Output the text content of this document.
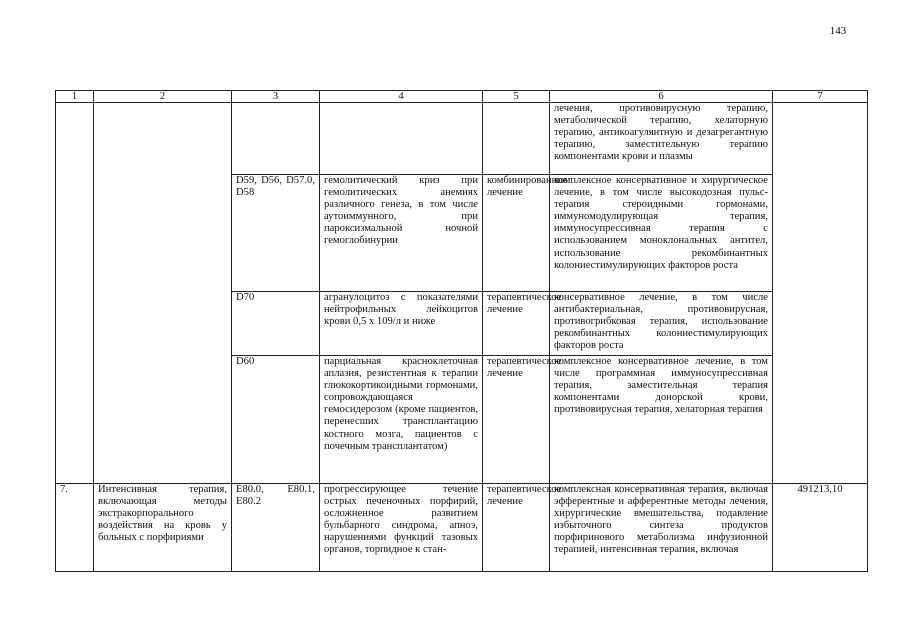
143
1	2	3	4	5	6	7
					лечения, противовирусную терапию, метаболической терапию, хелаторную терапию, антикоагулянтную и дезагрегантную терапию, заместительную терапию компонентами крови и плазмы	
		D59, D56, D57.0, D58	гемолитический криз при гемолитических анемиях различного генеза, в том числе аутоиммунного, при пароксизмальной ночной гемоглобинурии	комбинированное лечение	комплексное консервативное и хирургическое лечение, в том числе высокодозная пульс-терапия стероидными гормонами, иммуномодулирующая терапия, иммуносупрессивная терапия с использованием моноклональных антител, использование рекомбинантных колониестимулирующих факторов роста	
		D70	агранулоцитоз с показателями нейтрофильных лейкоцитов крови 0,5 х 109/л и ниже	терапевтическое лечение	консервативное лечение, в том числе антибактериальная, противовирусная, противогрибковая терапия, использование рекомбинантных колониестимулирующих факторов роста	
		D60	парциальная красноклеточная аплазия, резистентная к терапии глюкокортикоидными гормонами, сопровождающаяся гемосидерозом (кроме пациентов, перенесших трансплантацию костного мозга, пациентов с почечным трансплантатом)	терапевтическое лечение	комплексное консервативное лечение, в том числе программная иммуносупрессивная терапия, заместительная терапия компонентами донорской крови, противовирусная терапия, хелаторная терапия	
7.	Интенсивная терапия, включающая методы экстракорпорального воздействия на кровь у больных с порфириями	E80.0, E80.1, E80.2	прогрессирующее течение острых печеночных порфирий, осложненное развитием бульбарного синдрома, апноэ, нарушениями функций тазовых органов, торпидное к стан-	терапевтическое лечение	комплексная консервативная терапия, включая эфферентные и афферентные методы лечения, хирургические вмешательства, подавление избыточного синтеза продуктов порфиринового метаболизма инфузионной терапией, интенсивная терапия, включая	491213,10
